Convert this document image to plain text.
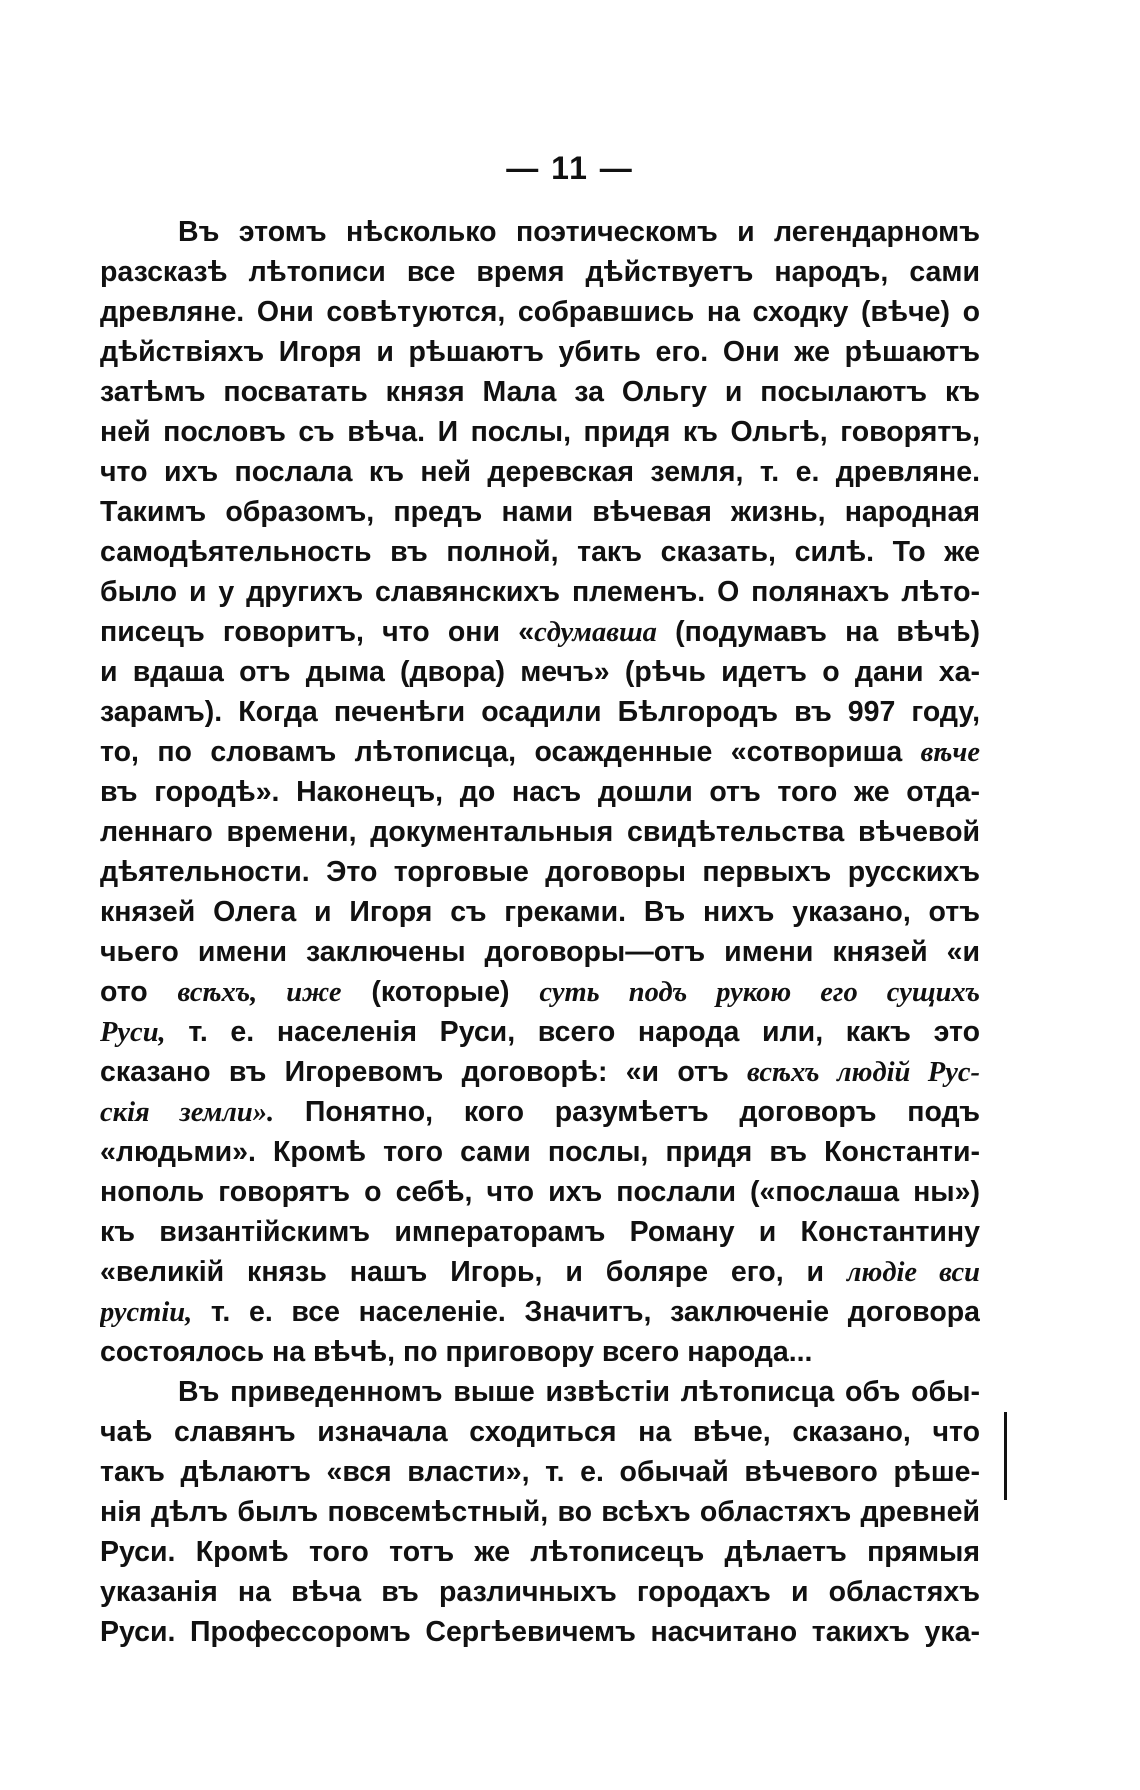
— 11 —
Въ этомъ нѣсколько поэтическомъ и легендарномъ
разсказѣ лѣтописи все время дѣйствуетъ народъ, сами
древляне. Они совѣтуются, собравшись на сходку (вѣче) о
дѣйствіяхъ Игоря и рѣшаютъ убить его. Они же рѣшаютъ
затѣмъ посватать князя Мала за Ольгу и посылаютъ къ
ней пословъ съ вѣча. И послы, придя къ Ольгѣ, говорятъ,
что ихъ послала къ ней деревская земля, т. е. древляне.
Такимъ образомъ, предъ нами вѣчевая жизнь, народная
самодѣятельность въ полной, такъ сказать, силѣ. То же
было и у другихъ славянскихъ племенъ. О полянахъ лѣто-
писецъ говоритъ, что они «сдумавша (подумавъ на вѣчѣ)
и вдаша отъ дыма (двора) мечъ» (рѣчь идетъ о дани ха-
зарамъ). Когда печенѣги осадили Бѣлгородъ въ 997 году,
то, по словамъ лѣтописца, осажденные «сотвориша вѣче
въ городѣ». Наконецъ, до насъ дошли отъ того же отда-
леннаго времени, документальныя свидѣтельства вѣчевой
дѣятельности. Это торговые договоры первыхъ русскихъ
князей Олега и Игоря съ греками. Въ нихъ указано, отъ
чьего имени заключены договоры—отъ имени князей «и
ото всѣхъ, иже (которые) суть подъ рукою его сущихъ
Руси, т. е. населенія Руси, всего народа или, какъ это
сказано въ Игоревомъ договорѣ: «и отъ всѣхъ людій Рус-
скія земли». Понятно, кого разумѣетъ договоръ подъ
«людьми». Кромѣ того сами послы, придя въ Константи-
нополь говорятъ о себѣ, что ихъ послали («послаша ны»)
къ византійскимъ императорамъ Роману и Константину
«великій князь нашъ Игорь, и боляре его, и людіе вси
рустіи, т. е. все населеніе. Значитъ, заключеніе договора
состоялось на вѣчѣ, по приговору всего народа...
Въ приведенномъ выше извѣстіи лѣтописца объ обы-
чаѣ славянъ изначала сходиться на вѣче, сказано, что
такъ дѣлаютъ «вся власти», т. е. обычай вѣчевого рѣше-
нія дѣлъ былъ повсемѣстный, во всѣхъ областяхъ древней
Руси. Кромѣ того тотъ же лѣтописецъ дѣлаетъ прямыя
указанія на вѣча въ различныхъ городахъ и областяхъ
Руси. Профессоромъ Сергѣевичемъ насчитано такихъ ука-
